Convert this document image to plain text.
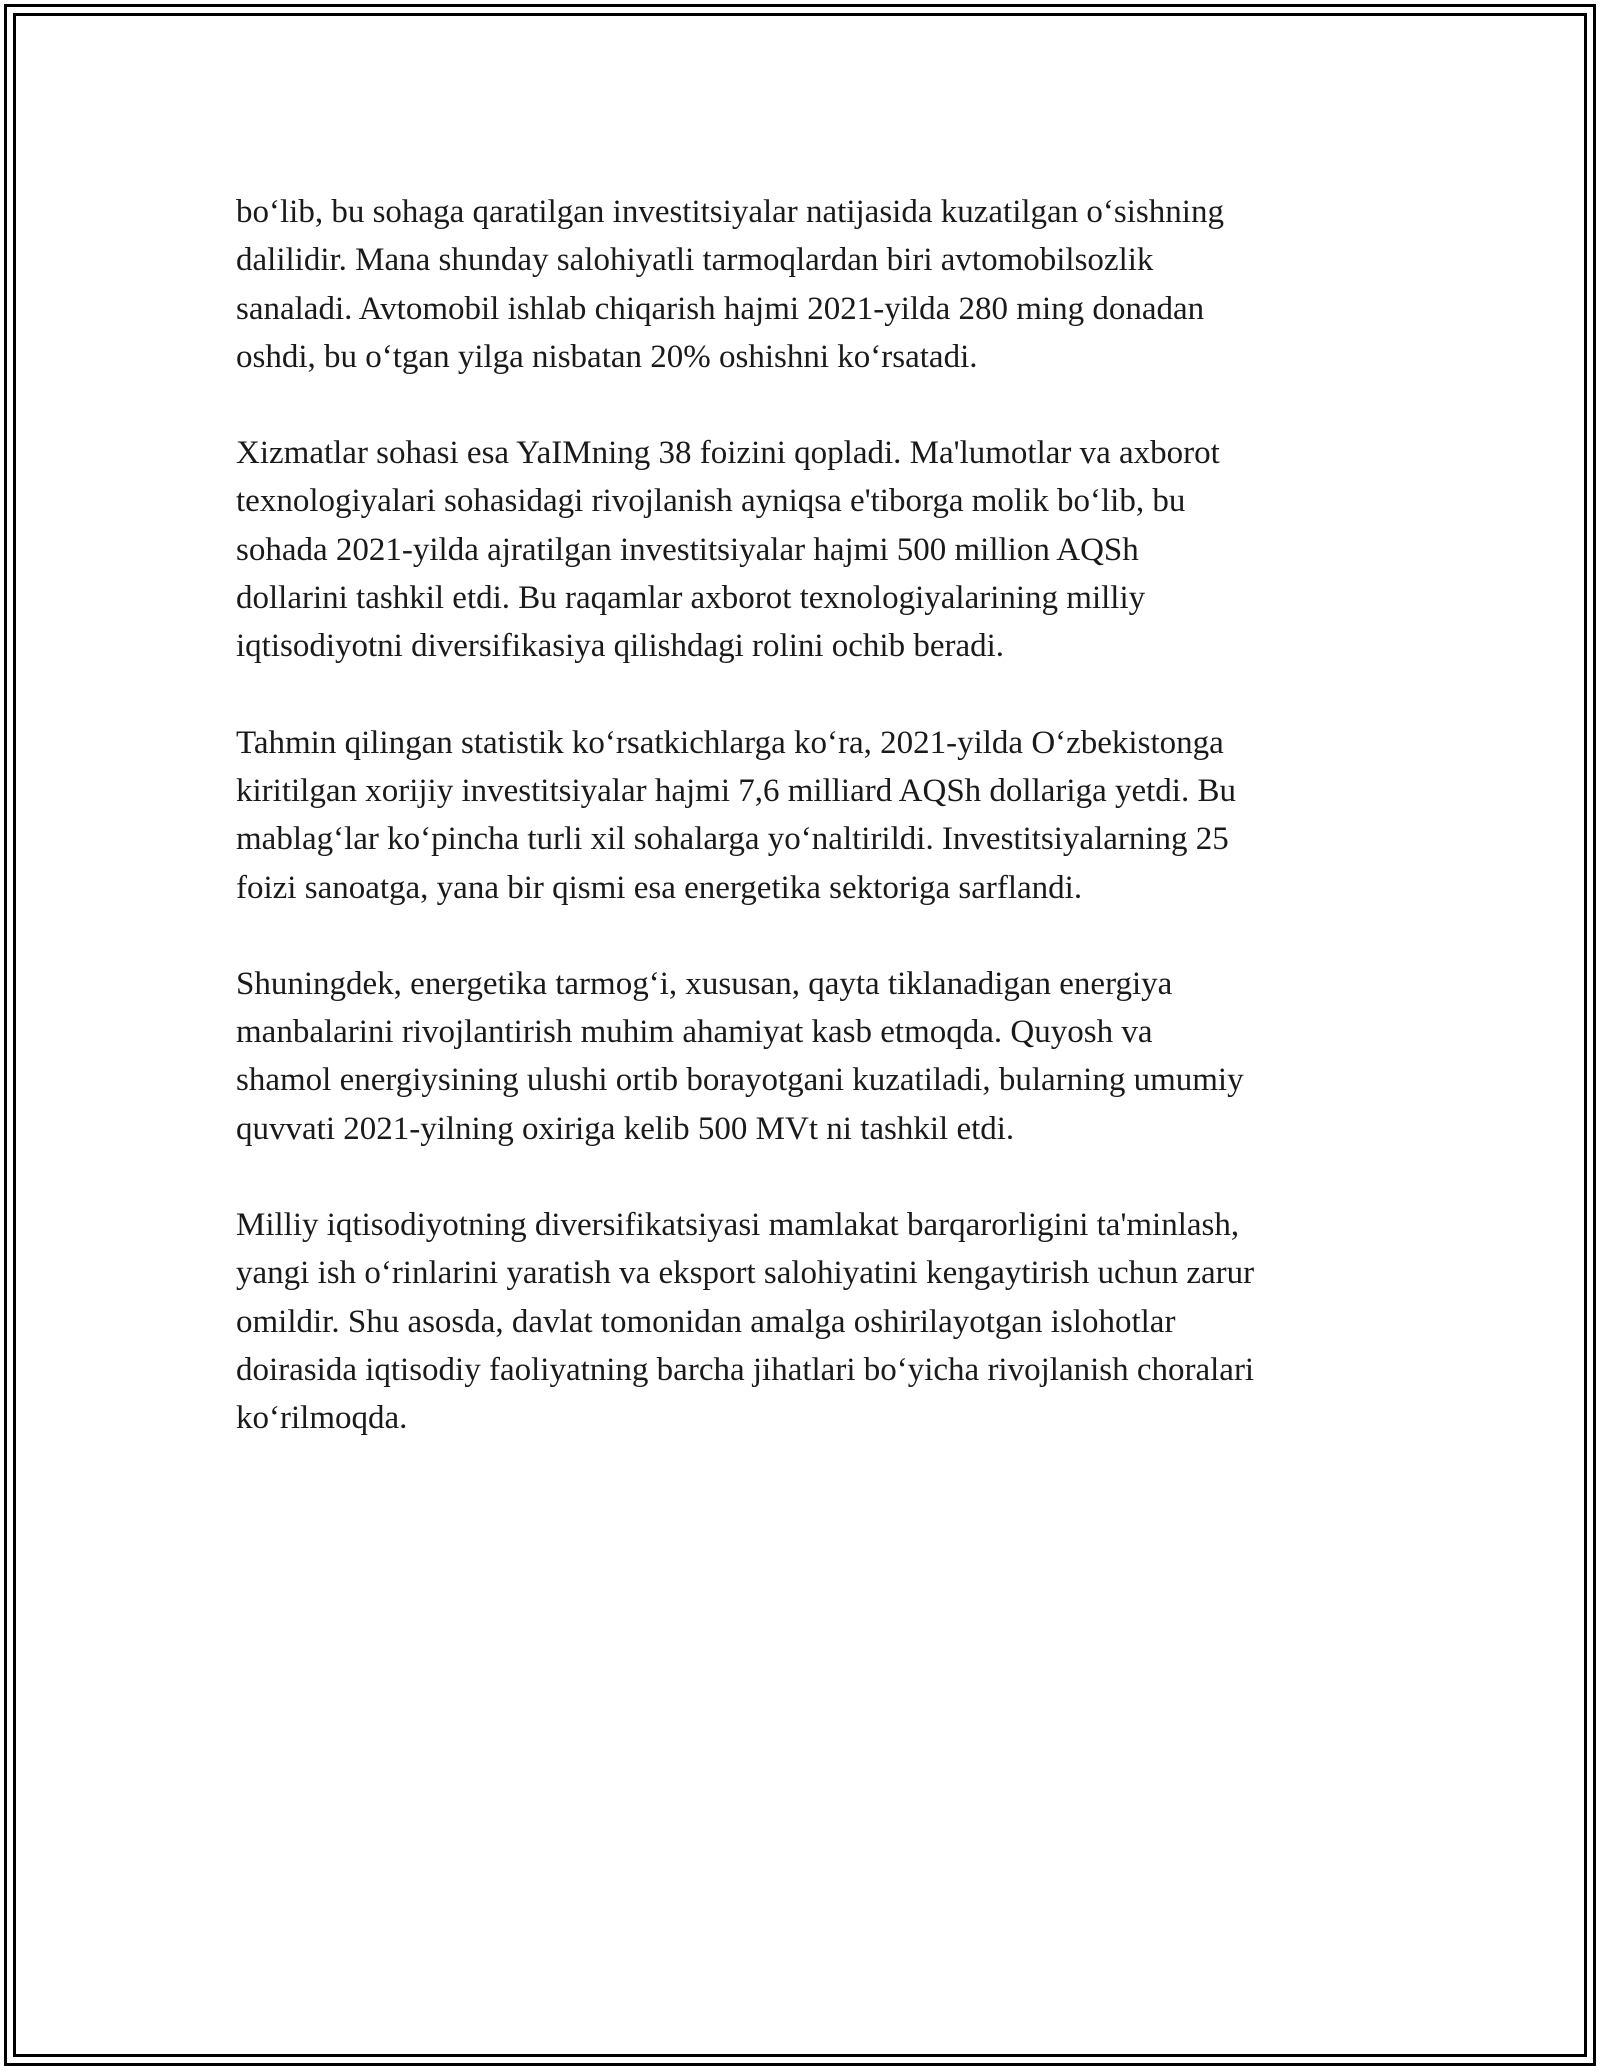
bo‘lib, bu sohaga qaratilgan investitsiyalar natijasida kuzatilgan o‘sishning
dalilidir. Mana shunday salohiyatli tarmoqlardan biri avtomobilsozlik
sanaladi. Avtomobil ishlab chiqarish hajmi 2021-yilda 280 ming donadan
oshdi, bu o‘tgan yilga nisbatan 20% oshishni ko‘rsatadi.

Xizmatlar sohasi esa YaIMning 38 foizini qopladi. Ma'lumotlar va axborot
texnologiyalari sohasidagi rivojlanish ayniqsa e'tiborga molik bo‘lib, bu
sohada 2021-yilda ajratilgan investitsiyalar hajmi 500 million AQSh
dollarini tashkil etdi. Bu raqamlar axborot texnologiyalarining milliy
iqtisodiyotni diversifikasiya qilishdagi rolini ochib beradi.

Tahmin qilingan statistik ko‘rsatkichlarga ko‘ra, 2021-yilda O‘zbekistonga
kiritilgan xorijiy investitsiyalar hajmi 7,6 milliard AQSh dollariga yetdi. Bu
mablag‘lar ko‘pincha turli xil sohalarga yo‘naltirildi. Investitsiyalarning 25
foizi sanoatga, yana bir qismi esa energetika sektoriga sarflandi.

Shuningdek, energetika tarmog‘i, xususan, qayta tiklanadigan energiya
manbalarini rivojlantirish muhim ahamiyat kasb etmoqda. Quyosh va
shamol energiysining ulushi ortib borayotgani kuzatiladi, bularning umumiy
quvvati 2021-yilning oxiriga kelib 500 MVt ni tashkil etdi.

Milliy iqtisodiyotning diversifikatsiyasi mamlakat barqarorligini ta'minlash,
yangi ish o‘rinlarini yaratish va eksport salohiyatini kengaytirish uchun zarur
omildir. Shu asosda, davlat tomonidan amalga oshirilayotgan islohotlar
doirasida iqtisodiy faoliyatning barcha jihatlari bo‘yicha rivojlanish choralari
ko‘rilmoqda.
